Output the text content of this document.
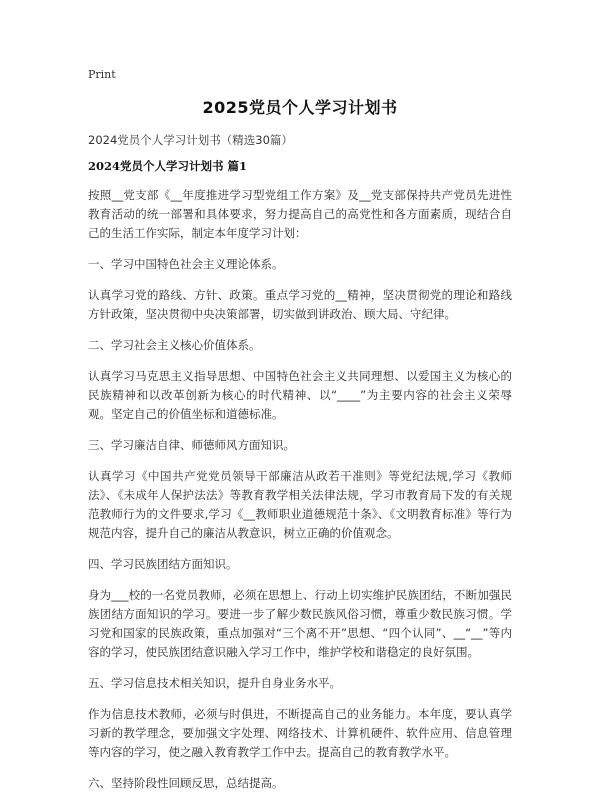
Print
2025党员个人学习计划书
2024党员个人学习计划书（精选30篇）
2024党员个人学习计划书 篇1

按照__党支部《__年度推进学习型党组工作方案》及__党支部保持共产党员先进性教育活动的统一部署和具体要求，努力提高自己的高党性和各方面素质，现结合自己的生活工作实际，制定本年度学习计划：

一、学习中国特色社会主义理论体系。

认真学习党的路线、方针、政策。重点学习党的__精神，坚决贯彻党的理论和路线方针政策，坚决贯彻中央决策部署，切实做到讲政治、顾大局、守纪律。

二、学习社会主义核心价值体系。

认真学习马克思主义指导思想、中国特色社会主义共同理想、以爱国主义为核心的民族精神和以改革创新为核心的时代精神、以“____”为主要内容的社会主义荣辱观。坚定自己的价值坐标和道德标准。

三、学习廉洁自律、师德师风方面知识。

认真学习《中国共产党党员领导干部廉洁从政若干准则》等党纪法规,学习《教师法》、《未成年人保护法法》等教育教学相关法律法规，学习市教育局下发的有关规范教师行为的文件要求,学习《__教师职业道德规范十条》、《文明教育标准》等行为规范内容，提升自己的廉洁从教意识，树立正确的价值观念。

四、学习民族团结方面知识。

身为___校的一名党员教师，必须在思想上、行动上切实维护民族团结，不断加强民族团结方面知识的学习。要进一步了解少数民族风俗习惯，尊重少数民族习惯。学习党和国家的民族政策，重点加强对“三个离不开”思想、“四个认同”、__“__”等内容的学习，使民族团结意识融入学习工作中，维护学校和谐稳定的良好氛围。

五、学习信息技术相关知识，提升自身业务水平。

作为信息技术教师，必须与时俱进，不断提高自己的业务能力。本年度，要认真学习新的教学理念，要加强文字处理、网络技术、计算机硬件、软件应用、信息管理等内容的学习，使之融入教育教学工作中去。提高自己的教育教学水平。

六、坚持阶段性回顾反思，总结提高。
